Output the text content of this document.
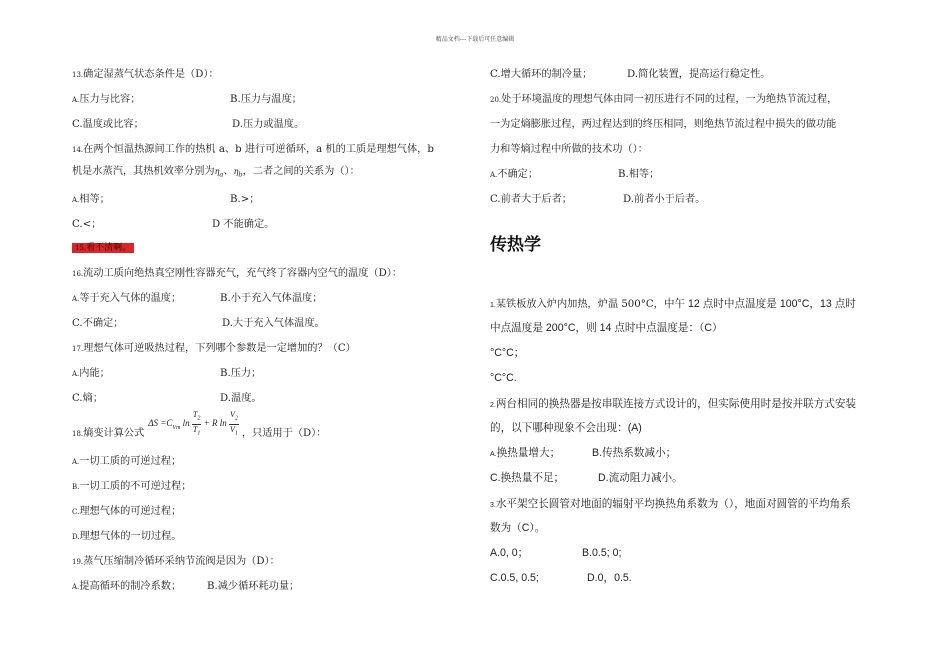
精品文档---下载后可任意编辑
13.确定湿蒸气状态条件是（D）：
A.压力与比容；	B.压力与温度；
C.温度或比容；	D.压力或温度。
14.在两个恒温热源间工作的热机 a、b 进行可逆循环，a 机的工质是理想气体，b
机是水蒸汽，其热机效率分别为$\eta_a$、$\eta_b$，二者之间的关系为（）：
A.相等；	B.>；
C.<；	D 不能确定。
15.看不清啊。
16.流动工质向绝热真空刚性容器充气，充气终了容器内空气的温度（D）：
A.等于充入气体的温度；	B.小于充入气体温度；
C.不确定；	D.大于充入气体温度。
17.理想气体可逆吸热过程，下列哪个参数是一定增加的？（C）
A.内能；	B.压力；
C.熵；	D.温度。
18.熵变计算公式$\Delta S =C_{Vm}$ $\ln \frac{T_2}{T_1} + R$ $\ln \frac{V_2}{V_1}$ ，只适用于（D）：
A.一切工质的可逆过程；
B.一切工质的不可逆过程；
C.理想气体的可逆过程；
D.理想气体的一切过程。
19.蒸气压缩制冷循环采纳节流阀是因为（D）：
A.提高循环的制冷系数；	B.减少循环耗功量；
C.增大循环的制冷量；	D.简化装置，提高运行稳定性。
20.处于环境温度的理想气体由同一初压进行不同的过程，一为绝热节流过程，
一为定熵膨胀过程，两过程达到的终压相同，则绝热节流过程中损失的做功能
力和等熵过程中所做的技术功（）：
A.不确定；	B.相等；
C.前者大于后者；	D.前者小于后者。
传热学
1.某铁板放入炉内加热，炉温 500°C，中午 12 点时中点温度是 100°C，13 点时
中点温度是 200°C，则 14 点时中点温度是：（C）
°C°C；
°C°C.
2.两台相同的换热器是按串联连接方式设计的，但实际使用时是按并联方式安装
的，以下哪种现象不会出现：(A)
A.换热量增大；	B.传热系数减小；
C.换热量不足；	D.流动阻力减小。
3.水平架空长圆管对地面的辐射平均换热角系数为（），地面对圆管的平均角系
数为（C）。
A.0, 0；	B.0.5; 0;
C.0.5, 0.5;	D.0，0.5.
